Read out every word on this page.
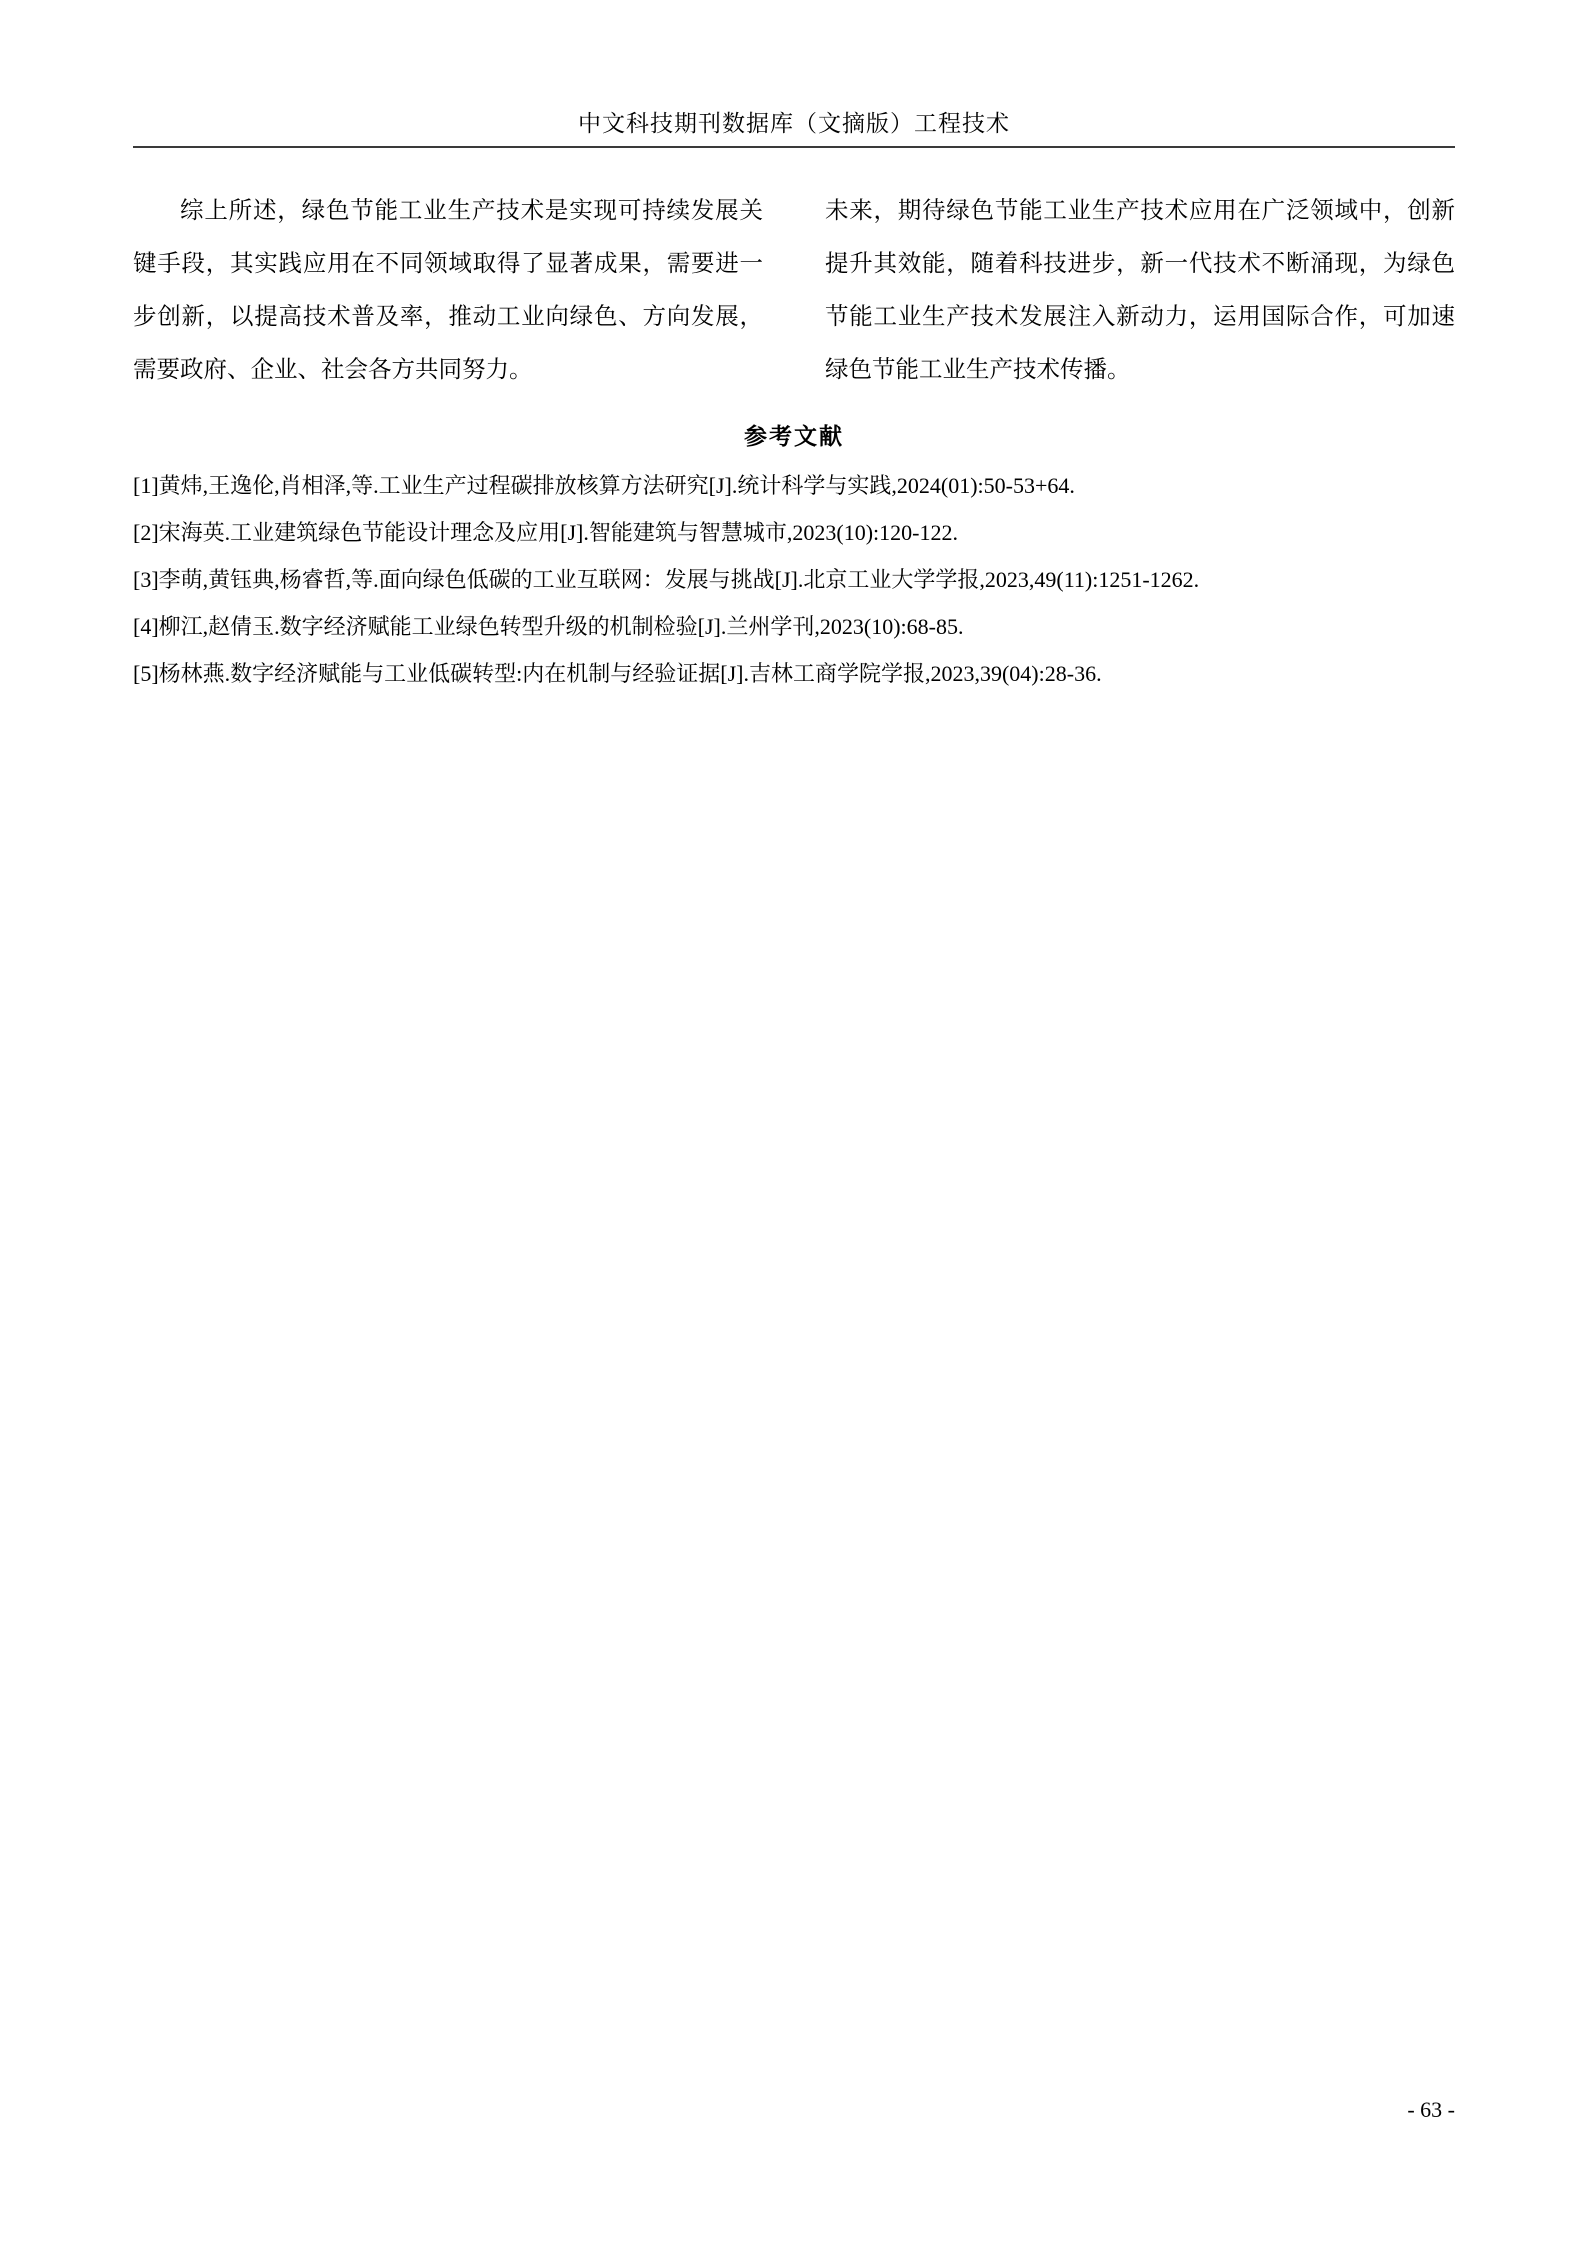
中文科技期刊数据库（文摘版）工程技术

综上所述，绿色节能工业生产技术是实现可持续发展关键手段，其实践应用在不同领域取得了显著成果，需要进一步创新，以提高技术普及率，推动工业向绿色、方向发展，需要政府、企业、社会各方共同努力。

未来，期待绿色节能工业生产技术应用在广泛领域中，创新提升其效能，随着科技进步，新一代技术不断涌现，为绿色节能工业生产技术发展注入新动力，运用国际合作，可加速绿色节能工业生产技术传播。

参考文献

[1]黄炜,王逸伦,肖相泽,等.工业生产过程碳排放核算方法研究[J].统计科学与实践,2024(01):50-53+64.

[2]宋海英.工业建筑绿色节能设计理念及应用[J].智能建筑与智慧城市,2023(10):120-122.

[3]李萌,黄钰典,杨睿哲,等.面向绿色低碳的工业互联网：发展与挑战[J].北京工业大学学报,2023,49(11):1251-1262.

[4]柳江,赵倩玉.数字经济赋能工业绿色转型升级的机制检验[J].兰州学刊,2023(10):68-85.

[5]杨林燕.数字经济赋能与工业低碳转型:内在机制与经验证据[J].吉林工商学院学报,2023,39(04):28-36.

- 63 -
